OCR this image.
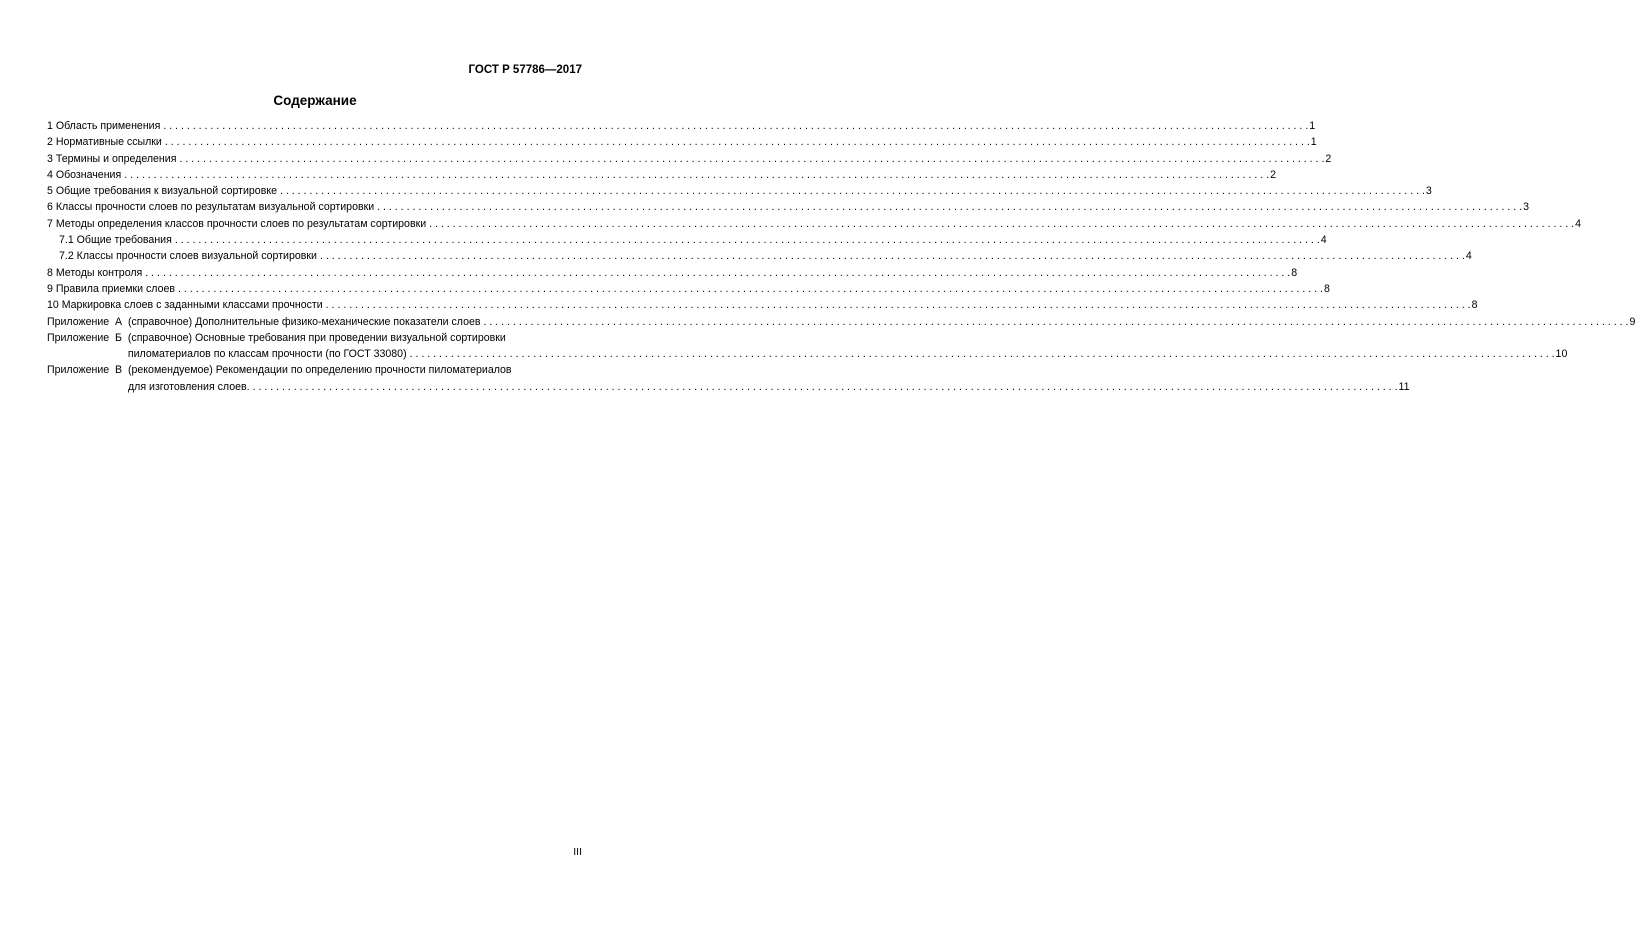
ГОСТ Р 57786—2017
Содержание
1 Область применения . . .	1
2 Нормативные ссылки . . .	1
3 Термины и определения . . .	2
4 Обозначения . . .	2
5 Общие требования к визуальной сортировке . . .	3
6 Классы прочности слоев по результатам визуальной сортировки . . .	3
7 Методы определения классов прочности слоев по результатам сортировки . . .	4
7.1 Общие требования . . .	4
7.2 Классы прочности слоев визуальной сортировки . . .	4
8 Методы контроля . . .	8
9 Правила приемки слоев . . .	8
10 Маркировка слоев с заданными классами прочности . . .	8
Приложение  А (справочное) Дополнительные физико-механические показатели слоев . . .	9
Приложение  Б (справочное) Основные требования при проведении визуальной сортировки
пиломатериалов по классам прочности (по ГОСТ 33080) . . .	10
Приложение  В (рекомендуемое) Рекомендации по определению прочности пиломатериалов
для изготовления слоев. . . .	11
III
